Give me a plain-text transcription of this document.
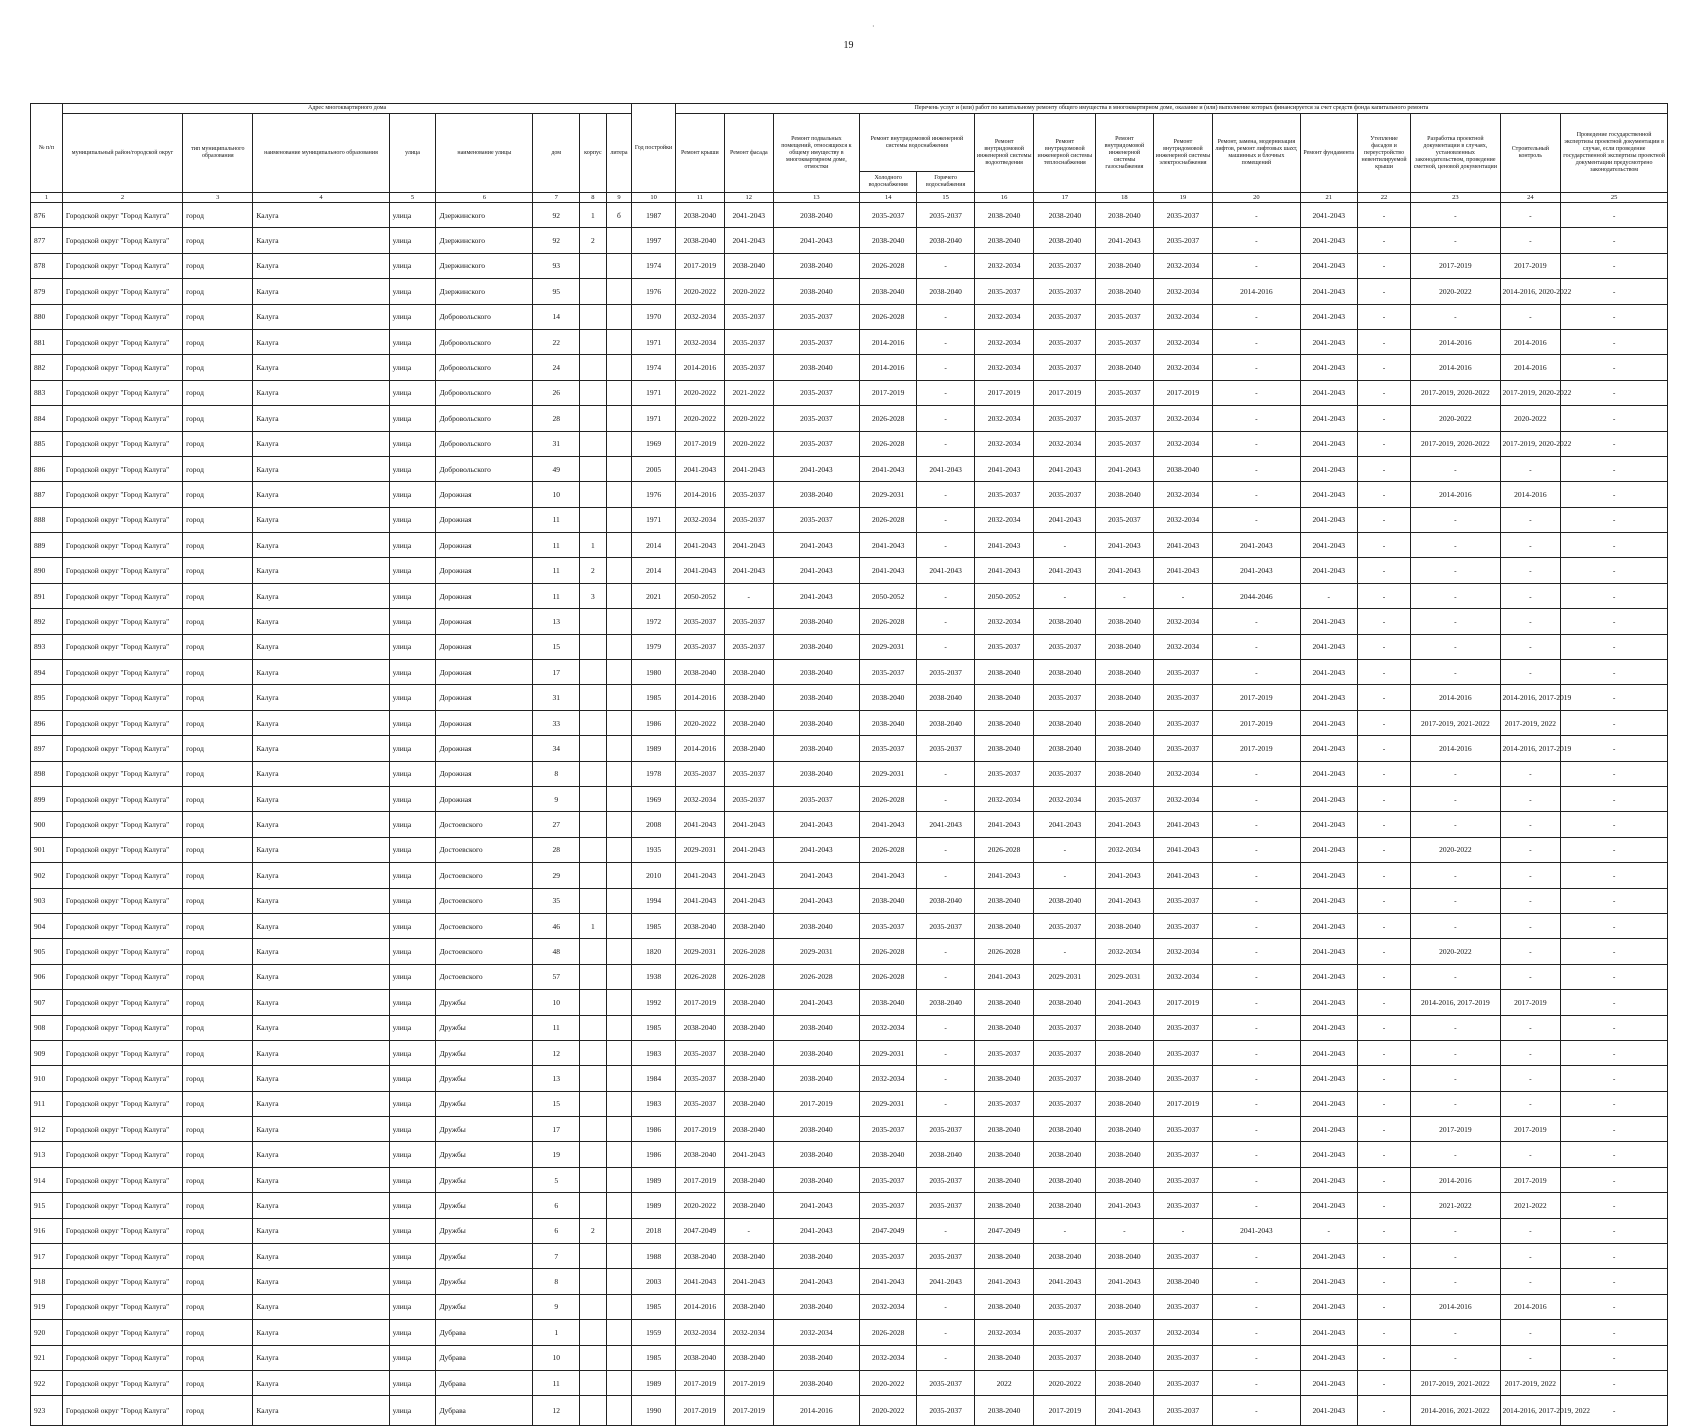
·
19
№ п/п	Адрес многоквартирного дома								Год постройки	Перечень услуг и (или) работ по капитальному ремонту общего имущества в многоквартирном доме, оказание и (или) выполнение которых финансируется за счет средств фонда капитального ремонта														
	муниципальный район/городской округ	тип муниципального образования	наименование муниципального образования	улица	наименование улицы	дом	корпус	литера		Ремонт крыши	Ремонт фасада	Ремонт подвальных помещений, относящихся к общему имуществу в многоквартирном доме, отмостки	Ремонт внутридомовой инженерной системы водоснабжения		Ремонт внутридомовой инженерной системы водоотведения	Ремонт внутридомовой инженерной системы теплоснабжения	Ремонт внутридомовой инженерной системы газоснабжения	Ремонт внутридомовой инженерной системы электроснабжения	Ремонт, замена, модернизация лифтов, ремонт лифтовых шахт, машинных и блочных помещений	Ремонт фундамента	Утепление фасадов и переустройство невентилируемой крыши	Разработка проектной документации в случаях, установленных законодательством, проведение сметной, ценовой документации	Строительный контроль	Проведение государственной экспертизы проектной документации в случае, если проведение государственной экспертизы проектной документации предусмотрено законодательством
													Холодного водоснабжения	Горячего водоснабжения										
1	2	3	4	5	6	7	8	9	10	11	12	13	14	15	16	17	18	19	20	21	22	23	24	25
876	Городской округ "Город Калуга"	город	Калуга	улица	Дзержинского	92	1	б	1987	2038-2040	2041-2043	2038-2040	2035-2037	2035-2037	2038-2040	2038-2040	2038-2040	2035-2037	-	2041-2043	-	-	-	-
877	Городской округ "Город Калуга"	город	Калуга	улица	Дзержинского	92	2		1997	2038-2040	2041-2043	2041-2043	2038-2040	2038-2040	2038-2040	2038-2040	2041-2043	2035-2037	-	2041-2043	-	-	-	-
878	Городской округ "Город Калуга"	город	Калуга	улица	Дзержинского	93			1974	2017-2019	2038-2040	2038-2040	2026-2028	-	2032-2034	2035-2037	2038-2040	2032-2034	-	2041-2043	-	2017-2019	2017-2019	-
879	Городской округ "Город Калуга"	город	Калуга	улица	Дзержинского	95			1976	2020-2022	2020-2022	2038-2040	2038-2040	2038-2040	2035-2037	2035-2037	2038-2040	2032-2034	2014-2016	2041-2043	-	2020-2022	2014-2016, 2020-2022	-
880	Городской округ "Город Калуга"	город	Калуга	улица	Добровольского	14			1970	2032-2034	2035-2037	2035-2037	2026-2028	-	2032-2034	2035-2037	2035-2037	2032-2034	-	2041-2043	-	-	-	-
881	Городской округ "Город Калуга"	город	Калуга	улица	Добровольского	22			1971	2032-2034	2035-2037	2035-2037	2014-2016	-	2032-2034	2035-2037	2035-2037	2032-2034	-	2041-2043	-	2014-2016	2014-2016	-
882	Городской округ "Город Калуга"	город	Калуга	улица	Добровольского	24			1974	2014-2016	2035-2037	2038-2040	2014-2016	-	2032-2034	2035-2037	2038-2040	2032-2034	-	2041-2043	-	2014-2016	2014-2016	-
883	Городской округ "Город Калуга"	город	Калуга	улица	Добровольского	26			1971	2020-2022	2021-2022	2035-2037	2017-2019	-	2017-2019	2017-2019	2035-2037	2017-2019	-	2041-2043	-	2017-2019, 2020-2022	2017-2019, 2020-2022	-
884	Городской округ "Город Калуга"	город	Калуга	улица	Добровольского	28			1971	2020-2022	2020-2022	2035-2037	2026-2028	-	2032-2034	2035-2037	2035-2037	2032-2034	-	2041-2043	-	2020-2022	2020-2022	-
885	Городской округ "Город Калуга"	город	Калуга	улица	Добровольского	31			1969	2017-2019	2020-2022	2035-2037	2026-2028	-	2032-2034	2032-2034	2035-2037	2032-2034	-	2041-2043	-	2017-2019, 2020-2022	2017-2019, 2020-2022	-
886	Городской округ "Город Калуга"	город	Калуга	улица	Добровольского	49			2005	2041-2043	2041-2043	2041-2043	2041-2043	2041-2043	2041-2043	2041-2043	2041-2043	2038-2040	-	2041-2043	-	-	-	-
887	Городской округ "Город Калуга"	город	Калуга	улица	Дорожная	10			1976	2014-2016	2035-2037	2038-2040	2029-2031	-	2035-2037	2035-2037	2038-2040	2032-2034	-	2041-2043	-	2014-2016	2014-2016	-
888	Городской округ "Город Калуга"	город	Калуга	улица	Дорожная	11			1971	2032-2034	2035-2037	2035-2037	2026-2028	-	2032-2034	2041-2043	2035-2037	2032-2034	-	2041-2043	-	-	-	-
889	Городской округ "Город Калуга"	город	Калуга	улица	Дорожная	11	1		2014	2041-2043	2041-2043	2041-2043	2041-2043	-	2041-2043	-	2041-2043	2041-2043	2041-2043	2041-2043	-	-	-	-
890	Городской округ "Город Калуга"	город	Калуга	улица	Дорожная	11	2		2014	2041-2043	2041-2043	2041-2043	2041-2043	2041-2043	2041-2043	2041-2043	2041-2043	2041-2043	2041-2043	2041-2043	-	-	-	-
891	Городской округ "Город Калуга"	город	Калуга	улица	Дорожная	11	3		2021	2050-2052	-	2041-2043	2050-2052	-	2050-2052	-	-	-	2044-2046	-	-	-	-	-
892	Городской округ "Город Калуга"	город	Калуга	улица	Дорожная	13			1972	2035-2037	2035-2037	2038-2040	2026-2028	-	2032-2034	2038-2040	2038-2040	2032-2034	-	2041-2043	-	-	-	-
893	Городской округ "Город Калуга"	город	Калуга	улица	Дорожная	15			1979	2035-2037	2035-2037	2038-2040	2029-2031	-	2035-2037	2035-2037	2038-2040	2032-2034	-	2041-2043	-	-	-	-
894	Городской округ "Город Калуга"	город	Калуга	улица	Дорожная	17			1980	2038-2040	2038-2040	2038-2040	2035-2037	2035-2037	2038-2040	2038-2040	2038-2040	2035-2037	-	2041-2043	-	-	-	-
895	Городской округ "Город Калуга"	город	Калуга	улица	Дорожная	31			1985	2014-2016	2038-2040	2038-2040	2038-2040	2038-2040	2038-2040	2035-2037	2038-2040	2035-2037	2017-2019	2041-2043	-	2014-2016	2014-2016, 2017-2019	-
896	Городской округ "Город Калуга"	город	Калуга	улица	Дорожная	33			1986	2020-2022	2038-2040	2038-2040	2038-2040	2038-2040	2038-2040	2038-2040	2038-2040	2035-2037	2017-2019	2041-2043	-	2017-2019, 2021-2022	2017-2019, 2022	-
897	Городской округ "Город Калуга"	город	Калуга	улица	Дорожная	34			1989	2014-2016	2038-2040	2038-2040	2035-2037	2035-2037	2038-2040	2038-2040	2038-2040	2035-2037	2017-2019	2041-2043	-	2014-2016	2014-2016, 2017-2019	-
898	Городской округ "Город Калуга"	город	Калуга	улица	Дорожная	8			1978	2035-2037	2035-2037	2038-2040	2029-2031	-	2035-2037	2035-2037	2038-2040	2032-2034	-	2041-2043	-	-	-	-
899	Городской округ "Город Калуга"	город	Калуга	улица	Дорожная	9			1969	2032-2034	2035-2037	2035-2037	2026-2028	-	2032-2034	2032-2034	2035-2037	2032-2034	-	2041-2043	-	-	-	-
900	Городской округ "Город Калуга"	город	Калуга	улица	Достоевского	27			2008	2041-2043	2041-2043	2041-2043	2041-2043	2041-2043	2041-2043	2041-2043	2041-2043	2041-2043	-	2041-2043	-	-	-	-
901	Городской округ "Город Калуга"	город	Калуга	улица	Достоевского	28			1935	2029-2031	2041-2043	2041-2043	2026-2028	-	2026-2028	-	2032-2034	2041-2043	-	2041-2043	-	2020-2022	-	-
902	Городской округ "Город Калуга"	город	Калуга	улица	Достоевского	29			2010	2041-2043	2041-2043	2041-2043	2041-2043	-	2041-2043	-	2041-2043	2041-2043	-	2041-2043	-	-	-	-
903	Городской округ "Город Калуга"	город	Калуга	улица	Достоевского	35			1994	2041-2043	2041-2043	2041-2043	2038-2040	2038-2040	2038-2040	2038-2040	2041-2043	2035-2037	-	2041-2043	-	-	-	-
904	Городской округ "Город Калуга"	город	Калуга	улица	Достоевского	46	1		1985	2038-2040	2038-2040	2038-2040	2035-2037	2035-2037	2038-2040	2035-2037	2038-2040	2035-2037	-	2041-2043	-	-	-	-
905	Городской округ "Город Калуга"	город	Калуга	улица	Достоевского	48			1820	2029-2031	2026-2028	2029-2031	2026-2028	-	2026-2028	-	2032-2034	2032-2034	-	2041-2043	-	2020-2022	-	-
906	Городской округ "Город Калуга"	город	Калуга	улица	Достоевского	57			1938	2026-2028	2026-2028	2026-2028	2026-2028	-	2041-2043	2029-2031	2029-2031	2032-2034	-	2041-2043	-	-	-	-
907	Городской округ "Город Калуга"	город	Калуга	улица	Дружбы	10			1992	2017-2019	2038-2040	2041-2043	2038-2040	2038-2040	2038-2040	2038-2040	2041-2043	2017-2019	-	2041-2043	-	2014-2016, 2017-2019	2017-2019	-
908	Городской округ "Город Калуга"	город	Калуга	улица	Дружбы	11			1985	2038-2040	2038-2040	2038-2040	2032-2034	-	2038-2040	2035-2037	2038-2040	2035-2037	-	2041-2043	-	-	-	-
909	Городской округ "Город Калуга"	город	Калуга	улица	Дружбы	12			1983	2035-2037	2038-2040	2038-2040	2029-2031	-	2035-2037	2035-2037	2038-2040	2035-2037	-	2041-2043	-	-	-	-
910	Городской округ "Город Калуга"	город	Калуга	улица	Дружбы	13			1984	2035-2037	2038-2040	2038-2040	2032-2034	-	2038-2040	2035-2037	2038-2040	2035-2037	-	2041-2043	-	-	-	-
911	Городской округ "Город Калуга"	город	Калуга	улица	Дружбы	15			1983	2035-2037	2038-2040	2017-2019	2029-2031	-	2035-2037	2035-2037	2038-2040	2017-2019	-	2041-2043	-	-	-	-
912	Городской округ "Город Калуга"	город	Калуга	улица	Дружбы	17			1986	2017-2019	2038-2040	2038-2040	2035-2037	2035-2037	2038-2040	2038-2040	2038-2040	2035-2037	-	2041-2043	-	2017-2019	2017-2019	-
913	Городской округ "Город Калуга"	город	Калуга	улица	Дружбы	19			1986	2038-2040	2041-2043	2038-2040	2038-2040	2038-2040	2038-2040	2038-2040	2038-2040	2035-2037	-	2041-2043	-	-	-	-
914	Городской округ "Город Калуга"	город	Калуга	улица	Дружбы	5			1989	2017-2019	2038-2040	2038-2040	2035-2037	2035-2037	2038-2040	2038-2040	2038-2040	2035-2037	-	2041-2043	-	2014-2016	2017-2019	-
915	Городской округ "Город Калуга"	город	Калуга	улица	Дружбы	6			1989	2020-2022	2038-2040	2041-2043	2035-2037	2035-2037	2038-2040	2038-2040	2041-2043	2035-2037	-	2041-2043	-	2021-2022	2021-2022	-
916	Городской округ "Город Калуга"	город	Калуга	улица	Дружбы	6	2		2018	2047-2049	-	2041-2043	2047-2049	-	2047-2049	-	-	-	2041-2043	-	-	-	-	-
917	Городской округ "Город Калуга"	город	Калуга	улица	Дружбы	7			1988	2038-2040	2038-2040	2038-2040	2035-2037	2035-2037	2038-2040	2038-2040	2038-2040	2035-2037	-	2041-2043	-	-	-	-
918	Городской округ "Город Калуга"	город	Калуга	улица	Дружбы	8			2003	2041-2043	2041-2043	2041-2043	2041-2043	2041-2043	2041-2043	2041-2043	2041-2043	2038-2040	-	2041-2043	-	-	-	-
919	Городской округ "Город Калуга"	город	Калуга	улица	Дружбы	9			1985	2014-2016	2038-2040	2038-2040	2032-2034	-	2038-2040	2035-2037	2038-2040	2035-2037	-	2041-2043	-	2014-2016	2014-2016	-
920	Городской округ "Город Калуга"	город	Калуга	улица	Дубрава	1			1959	2032-2034	2032-2034	2032-2034	2026-2028	-	2032-2034	2035-2037	2035-2037	2032-2034	-	2041-2043	-	-	-	-
921	Городской округ "Город Калуга"	город	Калуга	улица	Дубрава	10			1985	2038-2040	2038-2040	2038-2040	2032-2034	-	2038-2040	2035-2037	2038-2040	2035-2037	-	2041-2043	-	-	-	-
922	Городской округ "Город Калуга"	город	Калуга	улица	Дубрава	11			1989	2017-2019	2017-2019	2038-2040	2020-2022	2035-2037	2022	2020-2022	2038-2040	2035-2037	-	2041-2043	-	2017-2019, 2021-2022	2017-2019, 2022	-
923	Городской округ "Город Калуга"	город	Калуга	улица	Дубрава	12			1990	2017-2019	2017-2019	2014-2016	2020-2022	2035-2037	2038-2040	2017-2019	2041-2043	2035-2037	-	2041-2043	-	2014-2016, 2021-2022	2014-2016, 2017-2019, 2022	-
